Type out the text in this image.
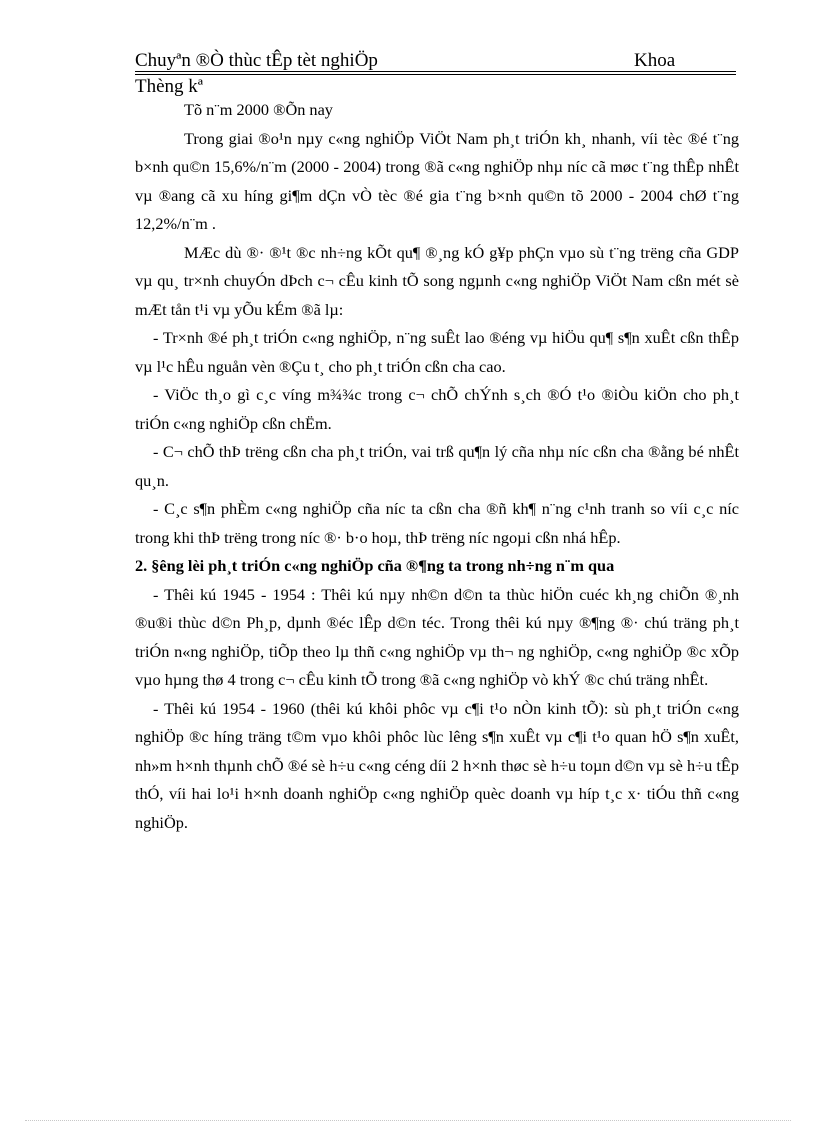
Chuyªn ®Ò thùc tÊp tèt nghiÖp	Khoa
Thèng kª

Tõ n¨m 2000 ®Õn nay

Trong giai ®o¹n nµy c«ng nghiÖp ViÖt Nam ph¸t triÓn kh¸ nhanh, víi tèc ®é t¨ng b×nh qu©n 15,6%/n¨m (2000 - 2004) trong ®ã c«ng nghiÖp nhµ níc cã møc t¨ng thÊp nhÊt vµ ®ang cã xu híng gi¶m dÇn vÒ tèc ®é gia t¨ng b×nh qu©n tõ 2000 - 2004 chØ t¨ng 12,2%/n¨m .

MÆc dù ®· ®¹t ®c nh÷ng kÕt qu¶ ®¸ng kÓ g¥p phÇn vµo sù t¨ng trëng cña GDP vµ qu¸ tr×nh chuyÓn dÞch c¬ cÊu kinh tÕ song ngµnh c«ng nghiÖp ViÖt Nam cßn mét sè mÆt tån t¹i vµ yÕu kÉm ®ã lµ:

- Tr×nh ®é ph¸t triÓn c«ng nghiÖp, n¨ng suÊt lao ®éng vµ hiÖu qu¶ s¶n xuÊt cßn thÊp vµ l¹c hÊu nguån vèn ®Çu t¸ cho ph¸t triÓn cßn cha cao.

- ViÖc th¸o gì c¸c víng m¾¾c trong c¬ chÕ chÝnh s¸ch ®Ó t¹o ®iÒu kiÖn cho ph¸t triÓn c«ng nghiÖp cßn chËm.

- C¬ chÕ thÞ trëng cßn cha ph¸t triÓn, vai trß qu¶n lý cña nhµ níc cßn cha ®ằng bé nhÊt qu¸n.

- C¸c s¶n phÈm c«ng nghiÖp cña níc ta cßn cha ®ñ kh¶ n¨ng c¹nh tranh so víi c¸c níc trong khi thÞ trëng trong níc ®· b·o hoµ, thÞ trëng níc ngoµi cßn nhá hÊp.

2. §êng lèi ph¸t triÓn c«ng nghiÖp cña ®¶ng ta trong nh÷ng n¨m qua

- Thêi kú 1945 - 1954 : Thêi kú nµy nh©n d©n ta thùc hiÖn cuéc kh¸ng chiÕn ®¸nh ®u®i thùc d©n Ph¸p, dµnh ®éc lÊp d©n téc. Trong thêi kú nµy ®¶ng ®· chú träng ph¸t triÓn n«ng nghiÖp, tiÕp theo lµ thñ c«ng nghiÖp vµ th¬ ng nghiÖp, c«ng nghiÖp ®c xÕp vµo hµng thø 4 trong c¬ cÊu kinh tÕ trong ®ã c«ng nghiÖp vò khÝ ®c chú träng nhÊt.

- Thêi kú 1954 - 1960 (thêi kú khôi phôc vµ c¶i t¹o nÒn kinh tÕ): sù ph¸t triÓn c«ng nghiÖp ®c híng träng t©m vµo khôi phôc lùc lêng s¶n xuÊt vµ c¶i t¹o quan hÖ s¶n xuÊt, nh»m h×nh thµnh chÕ ®é sè h÷u c«ng céng díi 2 h×nh thøc sè h÷u toµn d©n vµ sè h÷u tÊp thÓ, víi hai lo¹i h×nh doanh nghiÖp c«ng nghiÖp quèc doanh vµ híp t¸c x· tiÓu thñ c«ng nghiÖp.
